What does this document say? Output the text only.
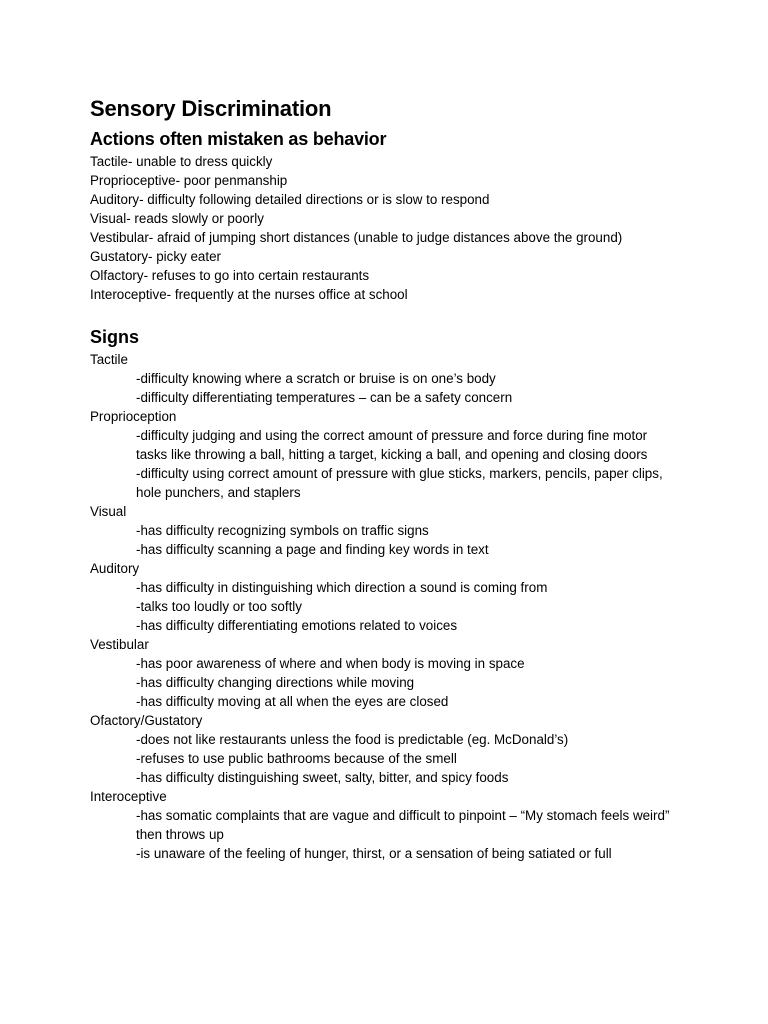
Sensory Discrimination
Actions often mistaken as behavior

Tactile- unable to dress quickly

Proprioceptive- poor penmanship

Auditory- difficulty following detailed directions or is slow to respond

Visual- reads slowly or poorly

Vestibular- afraid of jumping short distances (unable to judge distances above the ground)

Gustatory- picky eater

Olfactory- refuses to go into certain restaurants

Interoceptive- frequently at the nurses office at school

Signs

Tactile

-difficulty knowing where a scratch or bruise is on one’s body

-difficulty differentiating temperatures – can be a safety concern

Proprioception

-difficulty judging and using the correct amount of pressure and force during fine motor tasks like throwing a ball, hitting a target, kicking a ball, and opening and closing doors

-difficulty using correct amount of pressure with glue sticks, markers, pencils, paper clips, hole punchers, and staplers

Visual

-has difficulty recognizing symbols on traffic signs

-has difficulty scanning a page and finding key words in text

Auditory

-has difficulty in distinguishing which direction a sound is coming from

-talks too loudly or too softly

-has difficulty differentiating emotions related to voices

Vestibular

-has poor awareness of where and when body is moving in space

-has difficulty changing directions while moving

-has difficulty moving at all when the eyes are closed

Ofactory/Gustatory

-does not like restaurants unless the food is predictable (eg. McDonald’s)

-refuses to use public bathrooms because of the smell

-has difficulty distinguishing sweet, salty, bitter, and spicy foods

Interoceptive

-has somatic complaints that are vague and difficult to pinpoint – “My stomach feels weird” then throws up

-is unaware of the feeling of hunger, thirst, or a sensation of being satiated or full
